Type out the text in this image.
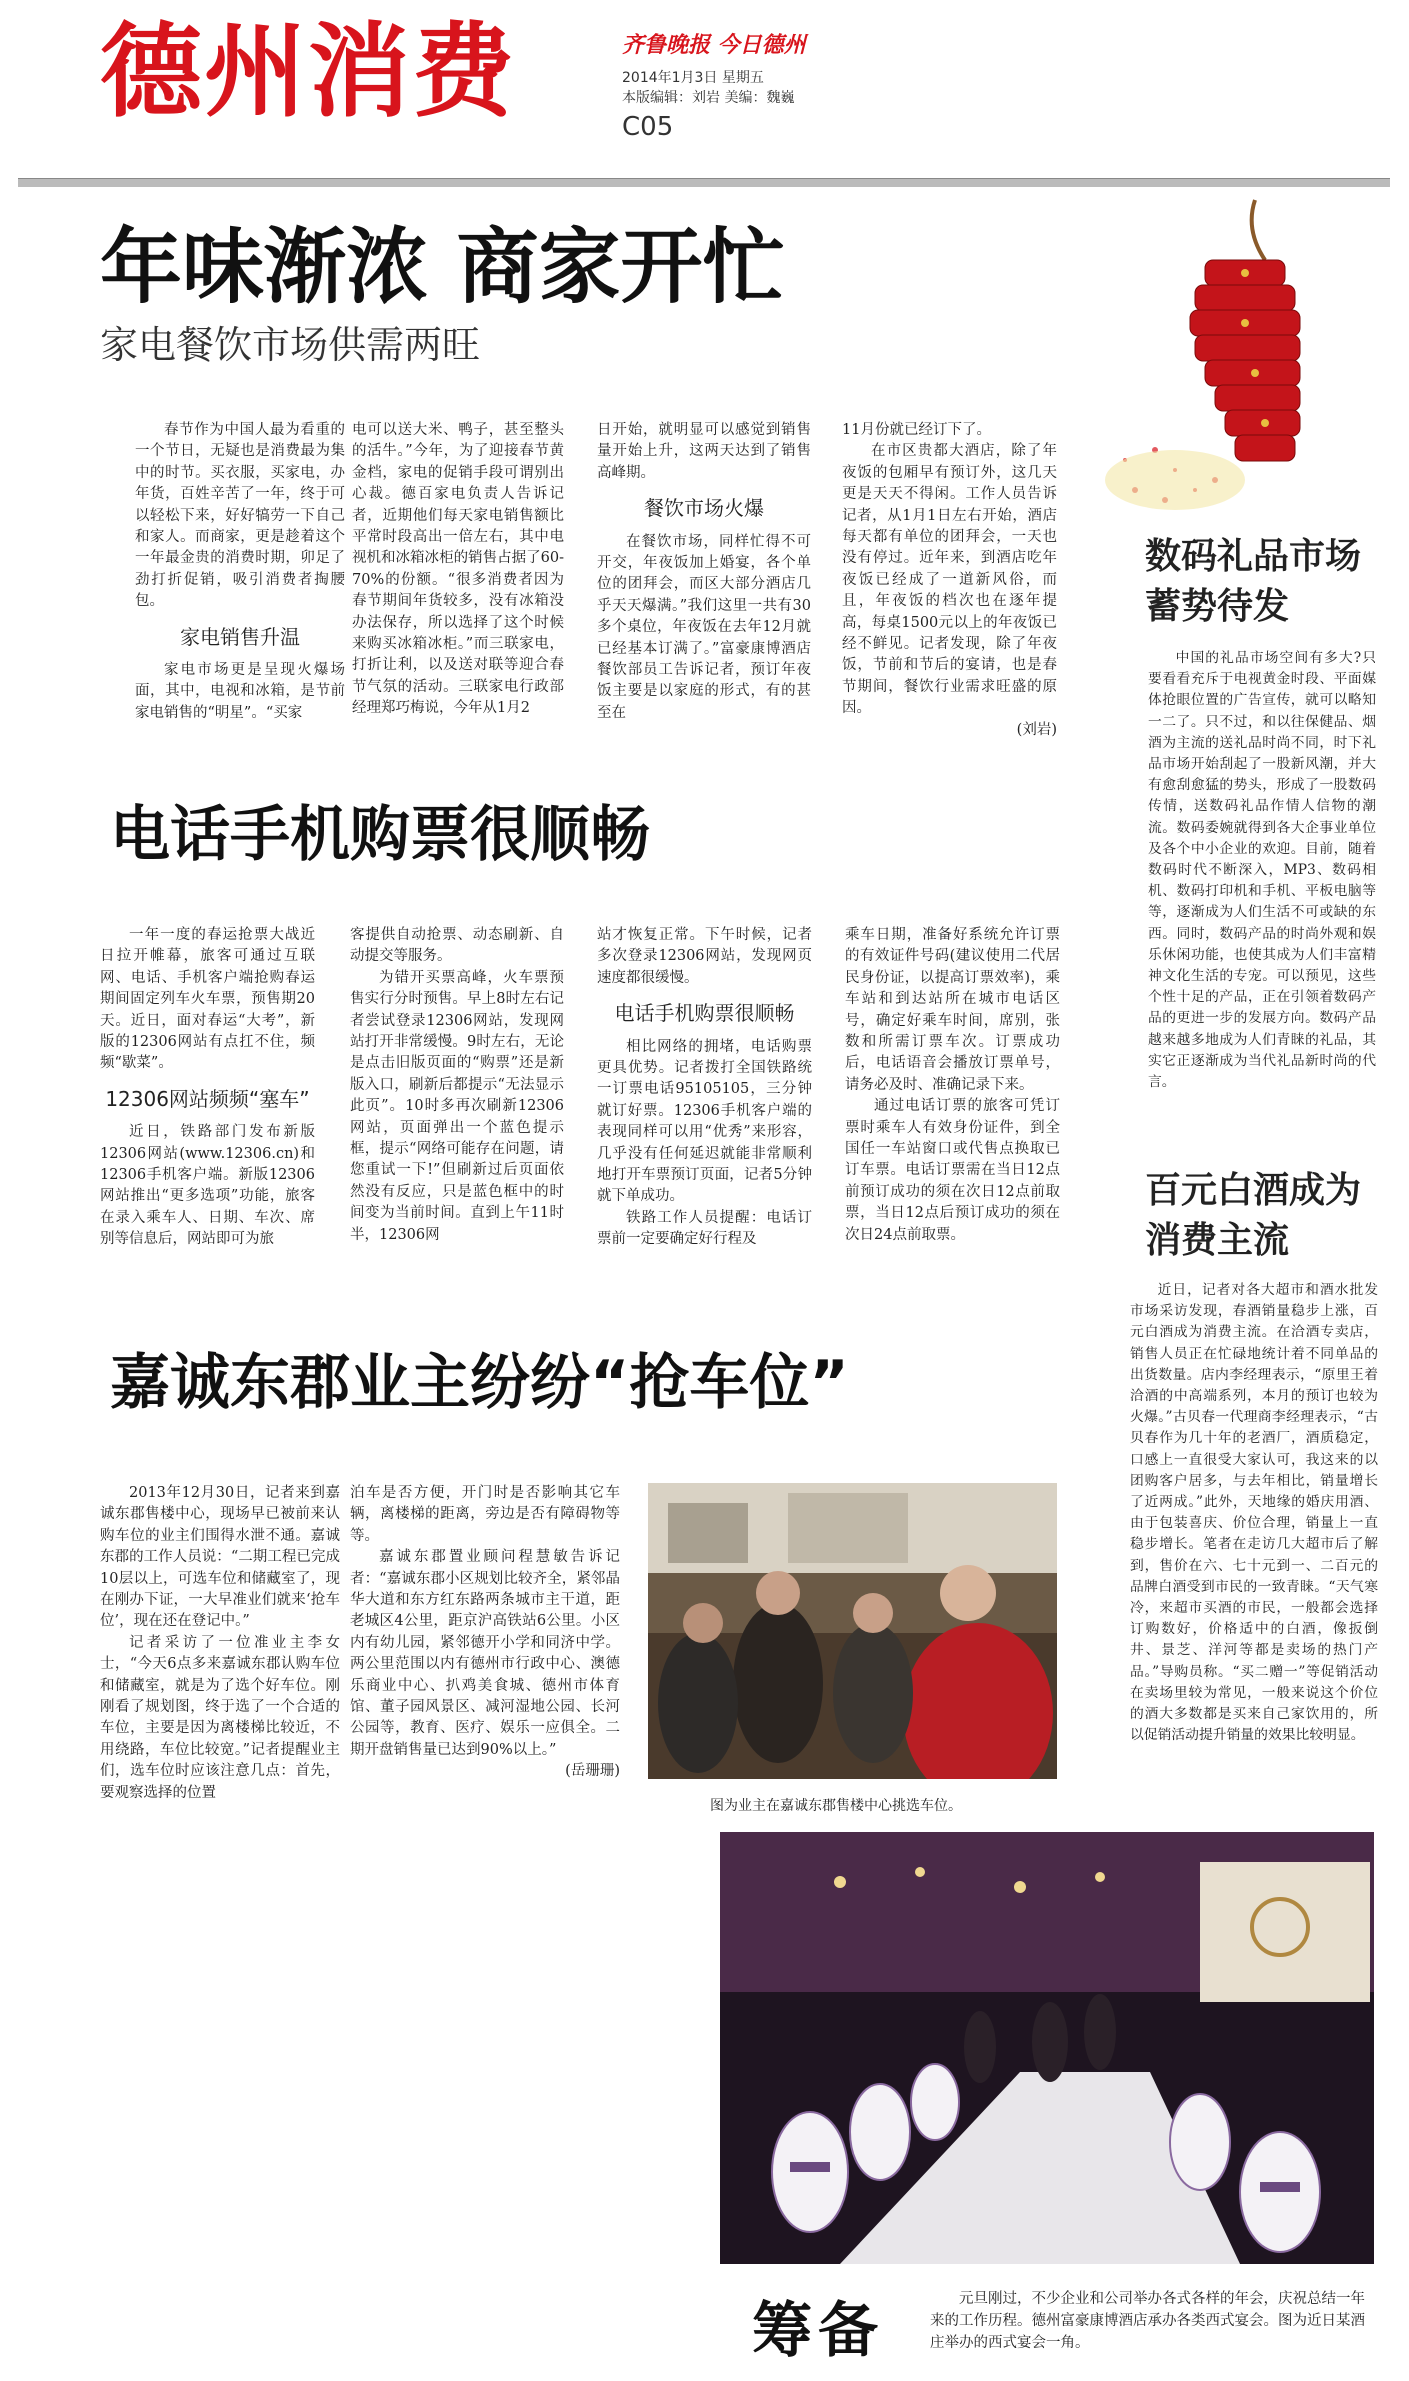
德州消费	齐鲁晚报 今日德州
2014年1月3日 星期五
本版编辑：刘岩 美编：魏巍
C05
年味渐浓 商家开忙
家电餐饮市场供需两旺

春节作为中国人最为看重的一个节日，无疑也是消费最为集中的时节。买衣服，买家电，办年货，百姓辛苦了一年，终于可以轻松下来，好好犒劳一下自己和家人。而商家，更是趁着这个一年最金贵的消费时期，卯足了劲打折促销，吸引消费者掏腰包。

家电销售升温

家电市场更是呈现火爆场面，其中，电视和冰箱，是节前家电销售的“明星”。“买家

电可以送大米、鸭子，甚至整头的活牛。”今年，为了迎接春节黄金档，家电的促销手段可谓别出心裁。德百家电负责人告诉记者，近期他们每天家电销售额比平常时段高出一倍左右，其中电视机和冰箱冰柜的销售占据了60-70%的份额。“很多消费者因为春节期间年货较多，没有冰箱没办法保存，所以选择了这个时候来购买冰箱冰柜。”而三联家电，打折让利，以及送对联等迎合春节气氛的活动。三联家电行政部经理郑巧梅说，今年从1月2

日开始，就明显可以感觉到销售量开始上升，这两天达到了销售高峰期。

餐饮市场火爆

在餐饮市场，同样忙得不可开交，年夜饭加上婚宴，各个单位的团拜会，而区大部分酒店几乎天天爆满。”我们这里一共有30多个桌位，年夜饭在去年12月就已经基本订满了。”富豪康博酒店餐饮部员工告诉记者，预订年夜饭主要是以家庭的形式，有的甚至在

11月份就已经订下了。

在市区贵都大酒店，除了年夜饭的包厢早有预订外，这几天更是天天不得闲。工作人员告诉记者，从1月1日左右开始，酒店每天都有单位的团拜会，一天也没有停过。近年来，到酒店吃年夜饭已经成了一道新风俗，而且，年夜饭的档次也在逐年提高，每桌1500元以上的年夜饭已经不鲜见。记者发现，除了年夜饭，节前和节后的宴请，也是春节期间，餐饮行业需求旺盛的原因。

(刘岩)

电话手机购票很顺畅

一年一度的春运抢票大战近日拉开帷幕，旅客可通过互联网、电话、手机客户端抢购春运期间固定列车火车票，预售期20天。近日，面对春运“大考”，新版的12306网站有点扛不住，频频“歇菜”。

12306网站频频“塞车”

近日，铁路部门发布新版12306网站(www.12306.cn)和12306手机客户端。新版12306网站推出“更多选项”功能，旅客在录入乘车人、日期、车次、席别等信息后，网站即可为旅

客提供自动抢票、动态刷新、自动提交等服务。

为错开买票高峰，火车票预售实行分时预售。早上8时左右记者尝试登录12306网站，发现网站打开非常缓慢。9时左右，无论是点击旧版页面的“购票”还是新版入口，刷新后都提示“无法显示此页”。10时多再次刷新12306网站，页面弹出一个蓝色提示框，提示“网络可能存在问题，请您重试一下!”但刷新过后页面依然没有反应，只是蓝色框中的时间变为当前时间。直到上午11时半，12306网

站才恢复正常。下午时候，记者多次登录12306网站，发现网页速度都很缓慢。

电话手机购票很顺畅

相比网络的拥堵，电话购票更具优势。记者拨打全国铁路统一订票电话95105105，三分钟就订好票。12306手机客户端的表现同样可以用“优秀”来形容，几乎没有任何延迟就能非常顺利地打开车票预订页面，记者5分钟就下单成功。

铁路工作人员提醒：电话订票前一定要确定好行程及

乘车日期，准备好系统允许订票的有效证件号码(建议使用二代居民身份证，以提高订票效率)，乘车站和到达站所在城市电话区号，确定好乘车时间，席别，张数和所需订票车次。订票成功后，电话语音会播放订票单号，请务必及时、准确记录下来。

通过电话订票的旅客可凭订票时乘车人有效身份证件，到全国任一车站窗口或代售点换取已订车票。电话订票需在当日12点前预订成功的须在次日12点前取票，当日12点后预订成功的须在次日24点前取票。

嘉诚东郡业主纷纷“抢车位”

2013年12月30日，记者来到嘉诚东郡售楼中心，现场早已被前来认购车位的业主们围得水泄不通。嘉诚东郡的工作人员说：“二期工程已完成10层以上，可选车位和储藏室了，现在刚办下证，一大早准业们就来‘抢车位’，现在还在登记中。”

记者采访了一位准业主李女士，“今天6点多来嘉诚东郡认购车位和储藏室，就是为了选个好车位。刚刚看了规划图，终于选了一个合适的车位，主要是因为离楼梯比较近，不用绕路，车位比较宽。”记者提醒业主们，选车位时应该注意几点：首先，要观察选择的位置

泊车是否方便，开门时是否影响其它车辆，离楼梯的距离，旁边是否有障碍物等等。

嘉诚东郡置业顾问程慧敏告诉记者：“嘉诚东郡小区规划比较齐全，紧邻晶华大道和东方红东路两条城市主干道，距老城区4公里，距京沪高铁站6公里。小区内有幼儿园，紧邻德开小学和同济中学。两公里范围以内有德州市行政中心、澳德乐商业中心、扒鸡美食城、德州市体育馆、董子园风景区、减河湿地公园、长河公园等，教育、医疗、娱乐一应俱全。二期开盘销售量已达到90%以上。”

(岳珊珊)

图为业主在嘉诚东郡售楼中心挑选车位。
数码礼品市场蓄势待发

中国的礼品市场空间有多大?只要看看充斥于电视黄金时段、平面媒体抢眼位置的广告宣传，就可以略知一二了。只不过，和以往保健品、烟酒为主流的送礼品时尚不同，时下礼品市场开始刮起了一股新风潮，并大有愈刮愈猛的势头，形成了一股数码传情，送数码礼品作情人信物的潮流。数码委婉就得到各大企事业单位及各个中小企业的欢迎。目前，随着数码时代不断深入，MP3、数码相机、数码打印机和手机、平板电脑等等，逐渐成为人们生活不可或缺的东西。同时，数码产品的时尚外观和娱乐休闲功能，也使其成为人们丰富精神文化生活的专宠。可以预见，这些个性十足的产品，正在引领着数码产品的更进一步的发展方向。数码产品越来越多地成为人们青睐的礼品，其实它正逐渐成为当代礼品新时尚的代言。

百元白酒成为消费主流

近日，记者对各大超市和酒水批发市场采访发现，春酒销量稳步上涨，百元白酒成为消费主流。在洽酒专卖店，销售人员正在忙碌地统计着不同单品的出货数量。店内李经理表示，“原里王着洽酒的中高端系列，本月的预订也较为火爆。”古贝春一代理商李经理表示，“古贝春作为几十年的老酒厂，酒质稳定，口感上一直很受大家认可，我这来的以团购客户居多，与去年相比，销量增长了近两成。”此外，天地缘的婚庆用酒、由于包装喜庆、价位合理，销量上一直稳步增长。笔者在走访几大超市后了解到，售价在六、七十元到一、二百元的品牌白酒受到市民的一致青睐。“天气寒冷，来超市买酒的市民，一般都会选择订购数好，价格适中的白酒，像扳倒井、景芝、洋河等都是卖场的热门产品。”导购员称。“买二赠一”等促销活动在卖场里较为常见，一般来说这个价位的酒大多数都是买来自己家饮用的，所以促销活动提升销量的效果比较明显。

筹备	元旦刚过，不少企业和公司举办各式各样的年会，庆祝总结一年来的工作历程。德州富豪康博酒店承办各类西式宴会。图为近日某酒庄举办的西式宴会一角。
